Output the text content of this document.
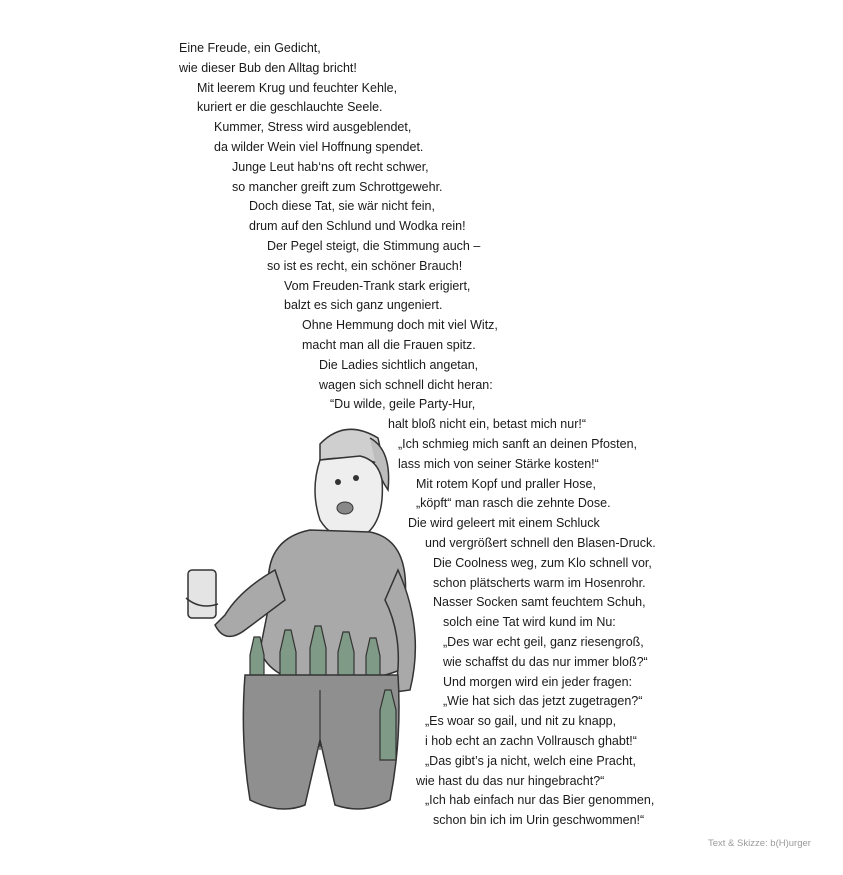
Eine Freude, ein Gedicht,
wie dieser Bub den Alltag bricht!
Mit leerem Krug und feuchter Kehle,
kuriert er die geschlauchte Seele.
Kummer, Stress wird ausgeblendet,
da wilder Wein viel Hoffnung spendet.
Junge Leut hab‘ns oft recht schwer,
so mancher greift zum Schrottgewehr.
Doch diese Tat, sie wär nicht fein,
drum auf den Schlund und Wodka rein!
Der Pegel steigt, die Stimmung auch –
so ist es recht, ein schöner Brauch!
Vom Freuden-Trank stark erigiert,
balzt es sich ganz ungeniert.
Ohne Hemmung doch mit viel Witz,
macht man all die Frauen spitz.
Die Ladies sichtlich angetan,
wagen sich schnell dicht heran:
“Du wilde, geile Party-Hur,
halt bloß nicht ein, betast mich nur!“
„Ich schmieg mich sanft an deinen Pfosten,
lass mich von seiner Stärke kosten!“
Mit rotem Kopf und praller Hose,
„köpft“ man rasch die zehnte Dose.
Die wird geleert mit einem Schluck
und vergrößert schnell den Blasen-Druck.
Die Coolness weg, zum Klo schnell vor,
schon plätscherts warm im Hosenrohr.
Nasser Socken samt feuchtem Schuh,
solch eine Tat wird kund im Nu:
„Des war echt geil, ganz riesengroß,
wie schaffst du das nur immer bloß?“
Und morgen wird ein jeder fragen:
„Wie hat sich das jetzt zugetragen?“
„Es woar so gail, und nit zu knapp,
i hob echt an zachn Vollrausch ghabt!“
„Das gibt’s ja nicht, welch eine Pracht,
wie hast du das nur hingebracht?“
„Ich hab einfach nur das Bier genommen,
schon bin ich im Urin geschwommen!“
Text & Skizze: b(H)urger
